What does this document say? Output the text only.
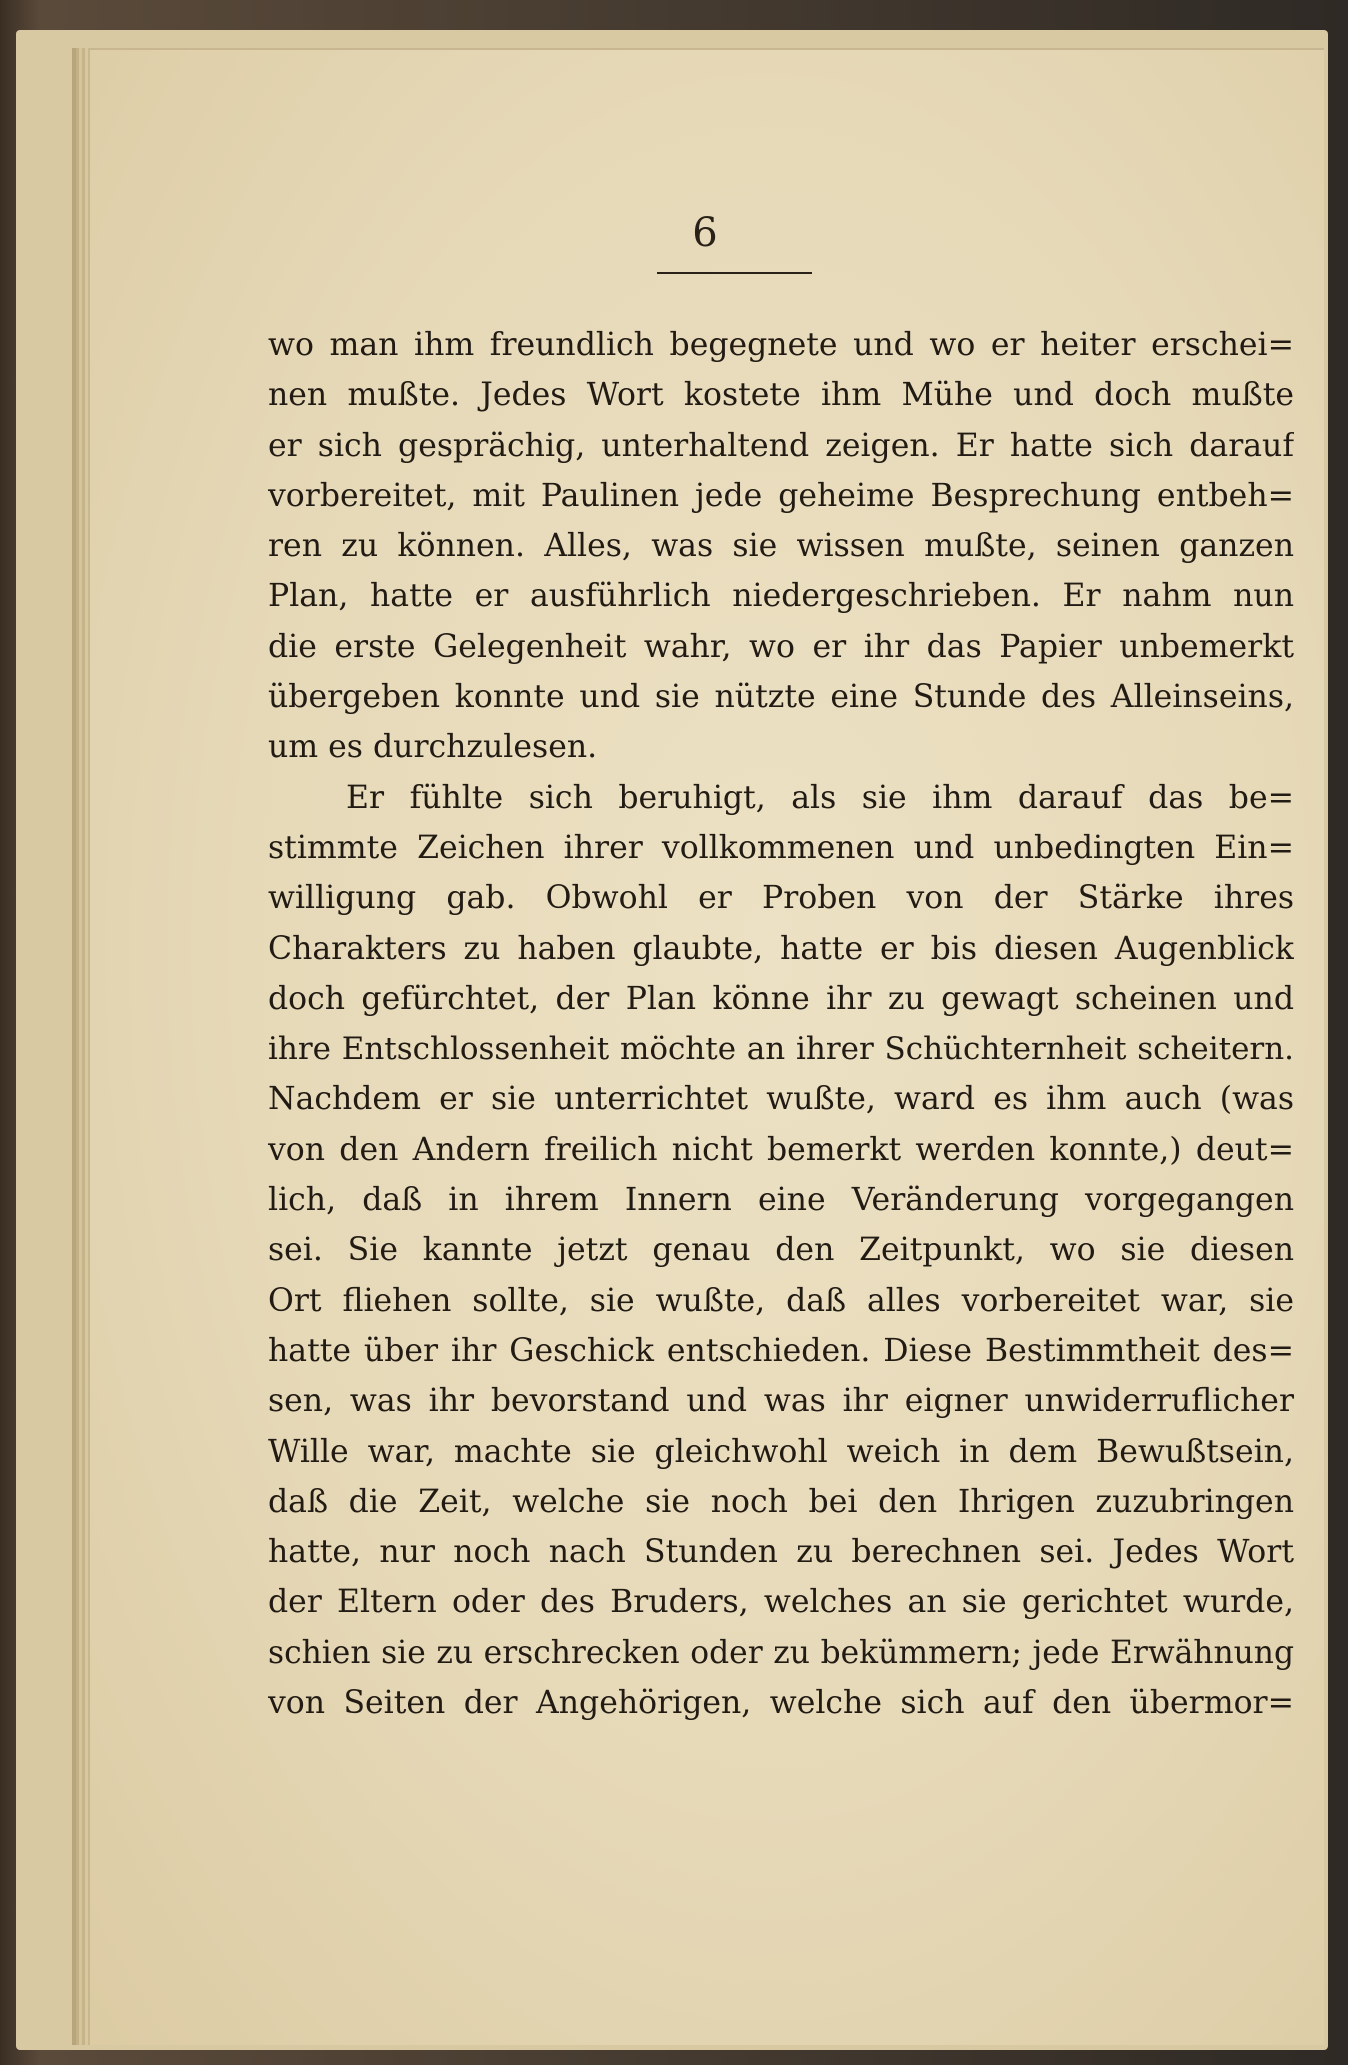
6
wo man ihm freundlich begegnete und wo er heiter erschei=
nen mußte. Jedes Wort kostete ihm Mühe und doch mußte
er sich gesprächig, unterhaltend zeigen. Er hatte sich darauf
vorbereitet, mit Paulinen jede geheime Besprechung entbeh=
ren zu können. Alles, was sie wissen mußte, seinen ganzen
Plan, hatte er ausführlich niedergeschrieben. Er nahm nun
die erste Gelegenheit wahr, wo er ihr das Papier unbemerkt
übergeben konnte und sie nützte eine Stunde des Alleinseins,
um es durchzulesen.
Er fühlte sich beruhigt, als sie ihm darauf das be=
stimmte Zeichen ihrer vollkommenen und unbedingten Ein=
willigung gab. Obwohl er Proben von der Stärke ihres
Charakters zu haben glaubte, hatte er bis diesen Augenblick
doch gefürchtet, der Plan könne ihr zu gewagt scheinen und
ihre Entschlossenheit möchte an ihrer Schüchternheit scheitern.
Nachdem er sie unterrichtet wußte, ward es ihm auch (was
von den Andern freilich nicht bemerkt werden konnte,) deut=
lich, daß in ihrem Innern eine Veränderung vorgegangen
sei. Sie kannte jetzt genau den Zeitpunkt, wo sie diesen
Ort fliehen sollte, sie wußte, daß alles vorbereitet war, sie
hatte über ihr Geschick entschieden. Diese Bestimmtheit des=
sen, was ihr bevorstand und was ihr eigner unwiderruflicher
Wille war, machte sie gleichwohl weich in dem Bewußtsein,
daß die Zeit, welche sie noch bei den Ihrigen zuzubringen
hatte, nur noch nach Stunden zu berechnen sei. Jedes Wort
der Eltern oder des Bruders, welches an sie gerichtet wurde,
schien sie zu erschrecken oder zu bekümmern; jede Erwähnung
von Seiten der Angehörigen, welche sich auf den übermor=
